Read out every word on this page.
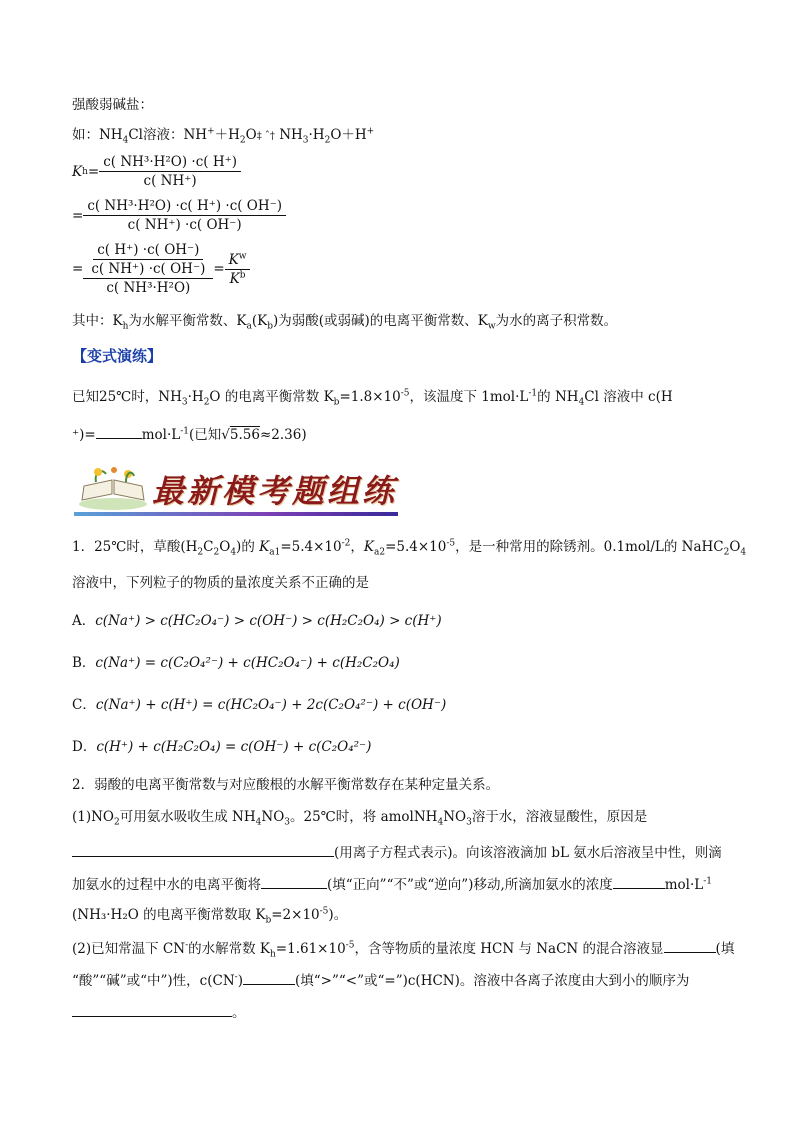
强酸弱碱盐：
如：$NH_4Cl$溶液：$NH^++H_2O\ddagger$ ˆ† $NH_3\cdot H_2O+H^+$
K $h = \frac{\text{c( NH³·H²O) ·c( H⁺)}}{c( NH^+)}$
= $\frac{\text{c( NH³·H²O) ·c( H⁺) ·c( OH⁻)}}{c( NH^+) \cdot c( OH^-)}$
= $\frac{\frac{c( H^+) \cdot c( OH^-)}{c( NH^+) \cdot c( OH^-)}}{\text{c( NH³·H²O)}} = \frac{K^w}{K^b}$
其中：$K_h$为水解平衡常数、$K_a(K_b)$为弱酸(或弱碱)的电离平衡常数、$K_w$为水的离子积常数。
【变式演练】
已知25℃时，$NH_3\cdot H_2O$ 的电离平衡常数 $K_b=1.8\times 10^{-5}$，该温度下 $1mol\cdot L^{-1}$的 $NH_4Cl$ 溶液中 c(H
⁺)=	$mol\cdot L^{-1}$(已知√5.56≈2.36)
最新模考题组练
1．25℃时，草酸$(H_2C_2O_4)$的 $K_{a1}=5.4\times 10^{-2}$，$K_{a2}=5.4\times 10^{-5}$，是一种常用的除锈剂。0.1mol/L的 $NaHC_2O_4$
溶液中，下列粒子的物质的量浓度关系不正确的是
A．c(Na⁺) > c(HC₂O₄⁻) > c(OH⁻) > c(H₂C₂O₄) > c(H⁺)
B．c(Na⁺) = c(C₂O₄²⁻) + c(HC₂O₄⁻) + c(H₂C₂O₄)
C．c(Na⁺) + c(H⁺) = c(HC₂O₄⁻) + 2c(C₂O₄²⁻) + c(OH⁻)
D．c(H⁺) + c(H₂C₂O₄) = c(OH⁻) + c(C₂O₄²⁻)
2．弱酸的电离平衡常数与对应酸根的水解平衡常数存在某种定量关系。
$(1)NO_2$可用氨水吸收生成 $NH_4NO_3$。25℃时，将 $amolNH_4NO_3$溶于水，溶液显酸性，原因是
(用离子方程式表示)。向该溶液滴加 bL 氨水后溶液呈中性，则滴
加氨水的过程中水的电离平衡将	(填“正向”“不”或“逆向”)移动,所滴加氨水的浓度	$mol\cdot L^{-1}$
(NH₃·H₂O 的电离平衡常数取 $K_b=2\times 10^{-5}$)。
(2)已知常温下 CN-的水解常数 $K_h=1.61\times 10^{-5}$，含等物质的量浓度 HCN 与 NaCN 的混合溶液显	(填
“酸”“碱”或“中”)性，c(CN-)	(填“>”“<”或“=”)c(HCN)。溶液中各离子浓度由大到小的顺序为
。
